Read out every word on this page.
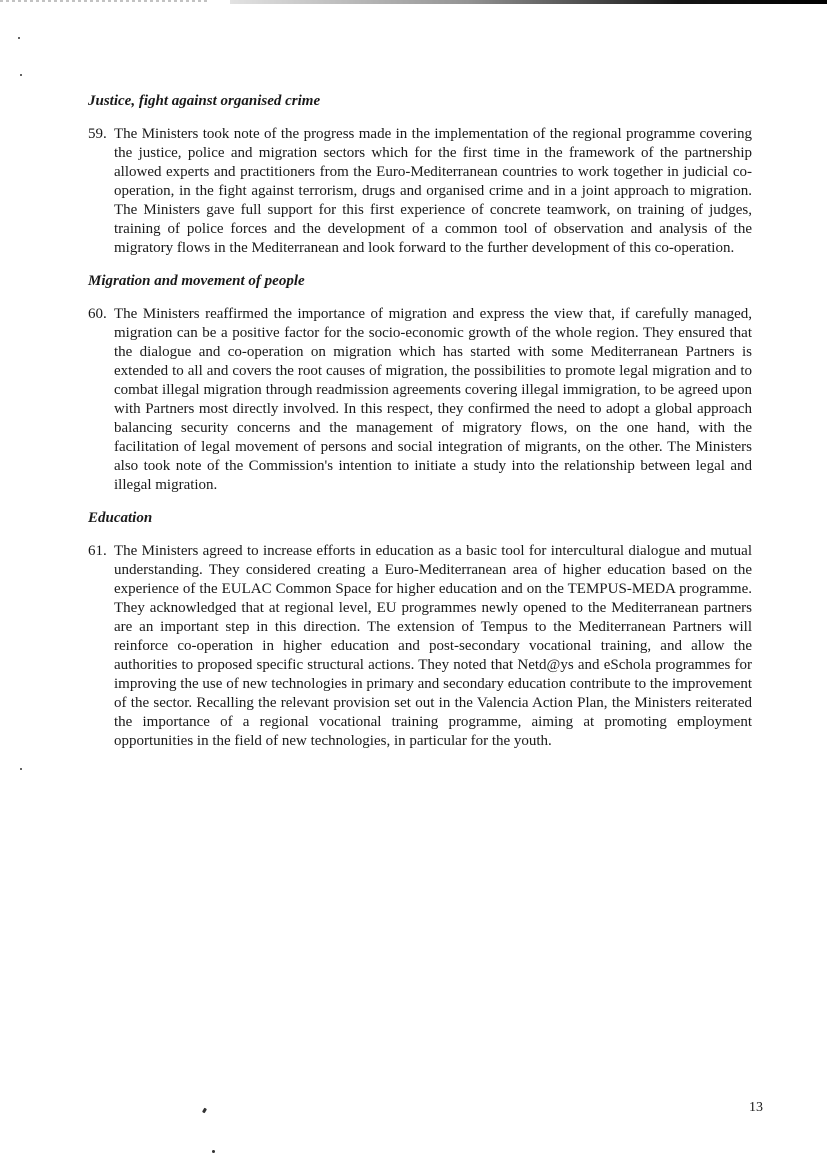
Justice, fight against organised crime

59. The Ministers took note of the progress made in the implementation of the regional programme covering the justice, police and migration sectors which for the first time in the framework of the partnership allowed experts and practitioners from the Euro-Mediterranean countries to work together in judicial co-operation, in the fight against terrorism, drugs and organised crime and in a joint approach to migration. The Ministers gave full support for this first experience of concrete teamwork, on training of judges, training of police forces and the development of a common tool of observation and analysis of the migratory flows in the Mediterranean and look forward to the further development of this co-operation.

Migration and movement of people

60. The Ministers reaffirmed the importance of migration and express the view that, if carefully managed, migration can be a positive factor for the socio-economic growth of the whole region. They ensured that the dialogue and co-operation on migration which has started with some Mediterranean Partners is extended to all and covers the root causes of migration, the possibilities to promote legal migration and to combat illegal migration through readmission agreements covering illegal immigration, to be agreed upon with Partners most directly involved. In this respect, they confirmed the need to adopt a global approach balancing security concerns and the management of migratory flows, on the one hand, with the facilitation of legal movement of persons and social integration of migrants, on the other. The Ministers also took note of the Commission's intention to initiate a study into the relationship between legal and illegal migration.

Education

61. The Ministers agreed to increase efforts in education as a basic tool for intercultural dialogue and mutual understanding. They considered creating a Euro-Mediterranean area of higher education based on the experience of the EULAC Common Space for higher education and on the TEMPUS-MEDA programme. They acknowledged that at regional level, EU programmes newly opened to the Mediterranean partners are an important step in this direction. The extension of Tempus to the Mediterranean Partners will reinforce co-operation in higher education and post-secondary vocational training, and allow the authorities to proposed specific structural actions. They noted that Netd@ys and eSchola programmes for improving the use of new technologies in primary and secondary education contribute to the improvement of the sector. Recalling the relevant provision set out in the Valencia Action Plan, the Ministers reiterated the importance of a regional vocational training programme, aiming at promoting employment opportunities in the field of new technologies, in particular for the youth.

13
